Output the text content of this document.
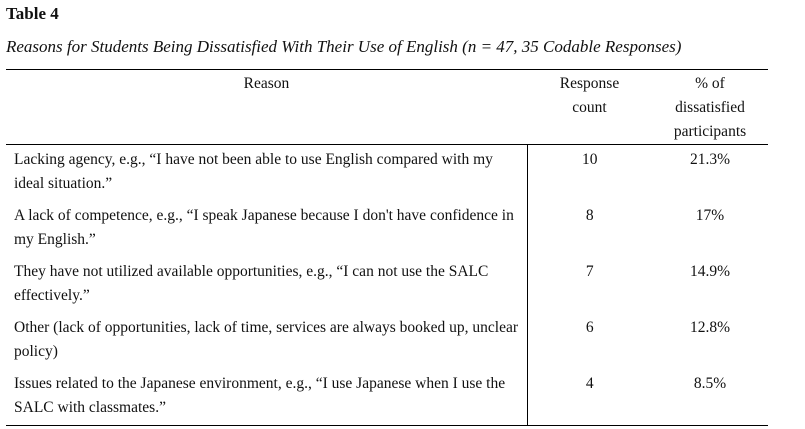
Table 4
Reasons for Students Being Dissatisfied With Their Use of English (n = 47, 35 Codable Responses)
Reason	Response count	% of dissatisfied participants

Lacking agency, e.g., “I have not been able to use English compared with my ideal situation.”	10	21.3%
A lack of competence, e.g., “I speak Japanese because I don't have confidence in my English.”	8	17%
They have not utilized available opportunities, e.g., “I can not use the SALC effectively.”	7	14.9%
Other (lack of opportunities, lack of time, services are always booked up, unclear policy)	6	12.8%
Issues related to the Japanese environment, e.g., “I use Japanese when I use the SALC with classmates.”	4	8.5%
